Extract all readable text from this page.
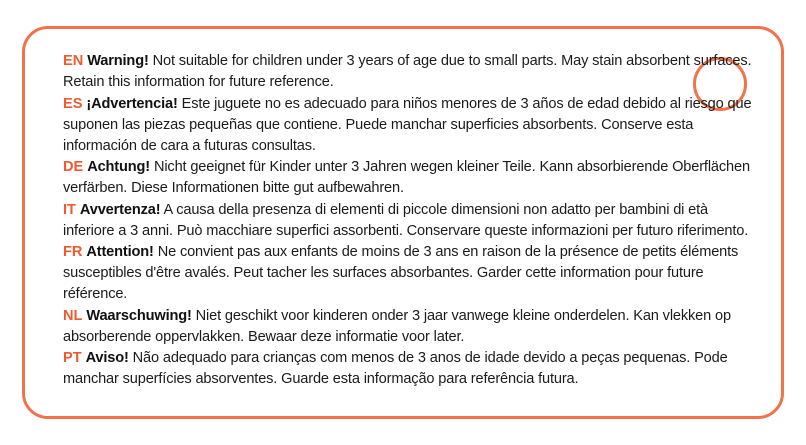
EN Warning! Not suitable for children under 3 years of age due to small parts. May stain absorbent surfaces. Retain this information for future reference.

ES ¡Advertencia! Este juguete no es adecuado para niños menores de 3 años de edad debido al riesgo que suponen las piezas pequeñas que contiene. Puede manchar superficies absorbents. Conserve esta información de cara a futuras consultas.

DE Achtung! Nicht geeignet für Kinder unter 3 Jahren wegen kleiner Teile. Kann absorbierende Oberflächen verfärben. Diese Informationen bitte gut aufbewahren.

IT Avvertenza! A causa della presenza di elementi di piccole dimensioni non adatto per bambini di età inferiore a 3 anni. Può macchiare superfici assorbenti. Conservare queste informazioni per futuro riferimento.

FR Attention! Ne convient pas aux enfants de moins de 3 ans en raison de la présence de petits éléments susceptibles d'être avalés. Peut tacher les surfaces absorbantes. Garder cette information pour future référence.

NL Waarschuwing! Niet geschikt voor kinderen onder 3 jaar vanwege kleine onderdelen. Kan vlekken op absorberende oppervlakken. Bewaar deze informatie voor later.

PT Aviso! Não adequado para crianças com menos de 3 anos de idade devido a peças pequenas. Pode manchar superfícies absorventes. Guarde esta informação para referência futura.
